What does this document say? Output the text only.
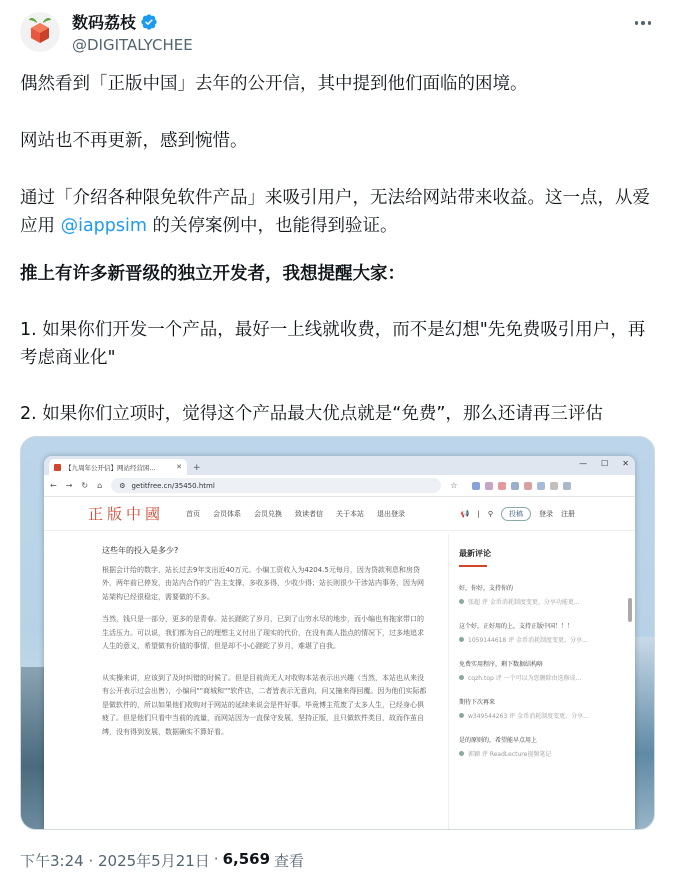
数码荔枝
@DIGITALYCHEE

偶然看到「正版中国」去年的公开信，其中提到他们面临的困境。

网站也不再更新，感到惋惜。

通过「介绍各种限免软件产品」来吸引用户，无法给网站带来收益。这一点，从爱应用 @iappsim 的关停案例中，也能得到验证。

推上有许多新晋级的独立开发者，我想提醒大家：

1. 如果你们开发一个产品，最好一上线就收费，而不是幻想"先免费吸引用户，再考虑商业化"

2. 如果你们立项时，觉得这个产品最大优点就是“免费”，那么还请再三评估

【九周年公开信】网站经营困...	✕ +	— ☐ ✕
← → ↻ ⌂ ⚙ getitfree.cn/35450.html	☆
正版中國	首页 会员体系 会员兑换 致读者信 关于本站 退出登录	📢 | ⚲	投稿	登录 注册
这些年的投入是多少?

根据会计给的数字，站长过去9年支出近40万元。小编工资收入为4204.5元每月，因为贷款利息和房贷外，两年前已停发，由站内合作的广告主支撑，多收多得，少收少得；站长则很少干涉站内事务，因为网站架构已经很稳定，需要做的不多。

当然，钱只是一部分，更多的是青春。站长蹉跎了岁月，已到了山穷水尽的地步，而小编也有拖家带口的生活压力。可以说，我们都为自己的理想主义付出了现实的代价，在没有高人指点的情况下，过多地追求人生的意义，希望做有价值的事情，但是却不小心蹉跎了岁月，难堪了自我。

从实操来讲，应该到了及时纠错的时候了。但是目前尚无人对收购本站表示出兴趣（当然，本站也从来没有公开表示过会出售），小编问""商城和""软件店，二者皆表示无意向，问又撞来得回覆。因为他们实际都是做软件的，所以如果他们收购对于网站的延续来说会是件好事。毕竟博主荒废了太多人生，已经身心俱疲了。但是他们只看中当前的流量，而网站因为一直保守发展，坚持正版，且只做软件类目，故而作茧自缚，没有得到发展，数据确实不算好看。

最新评论
好，你好，支持你的
张超 评 金币消耗制度变更、分享功能更...
这个好，正好用的上，支持正版中国！！！
1059144618 评 金币消耗制度变更、分享...
免费实用程序，剩下数据结构咯
cqzh.top 评 一个可以为您删除由选修成...
期待下次再来
w349544263 评 金币消耗制度变更、分享...
是的原则的，希望能早点用上
郭颖 评 ReadLecture视频笔记
下午3:24 · 2025年5月21日 · 6,569 查看
